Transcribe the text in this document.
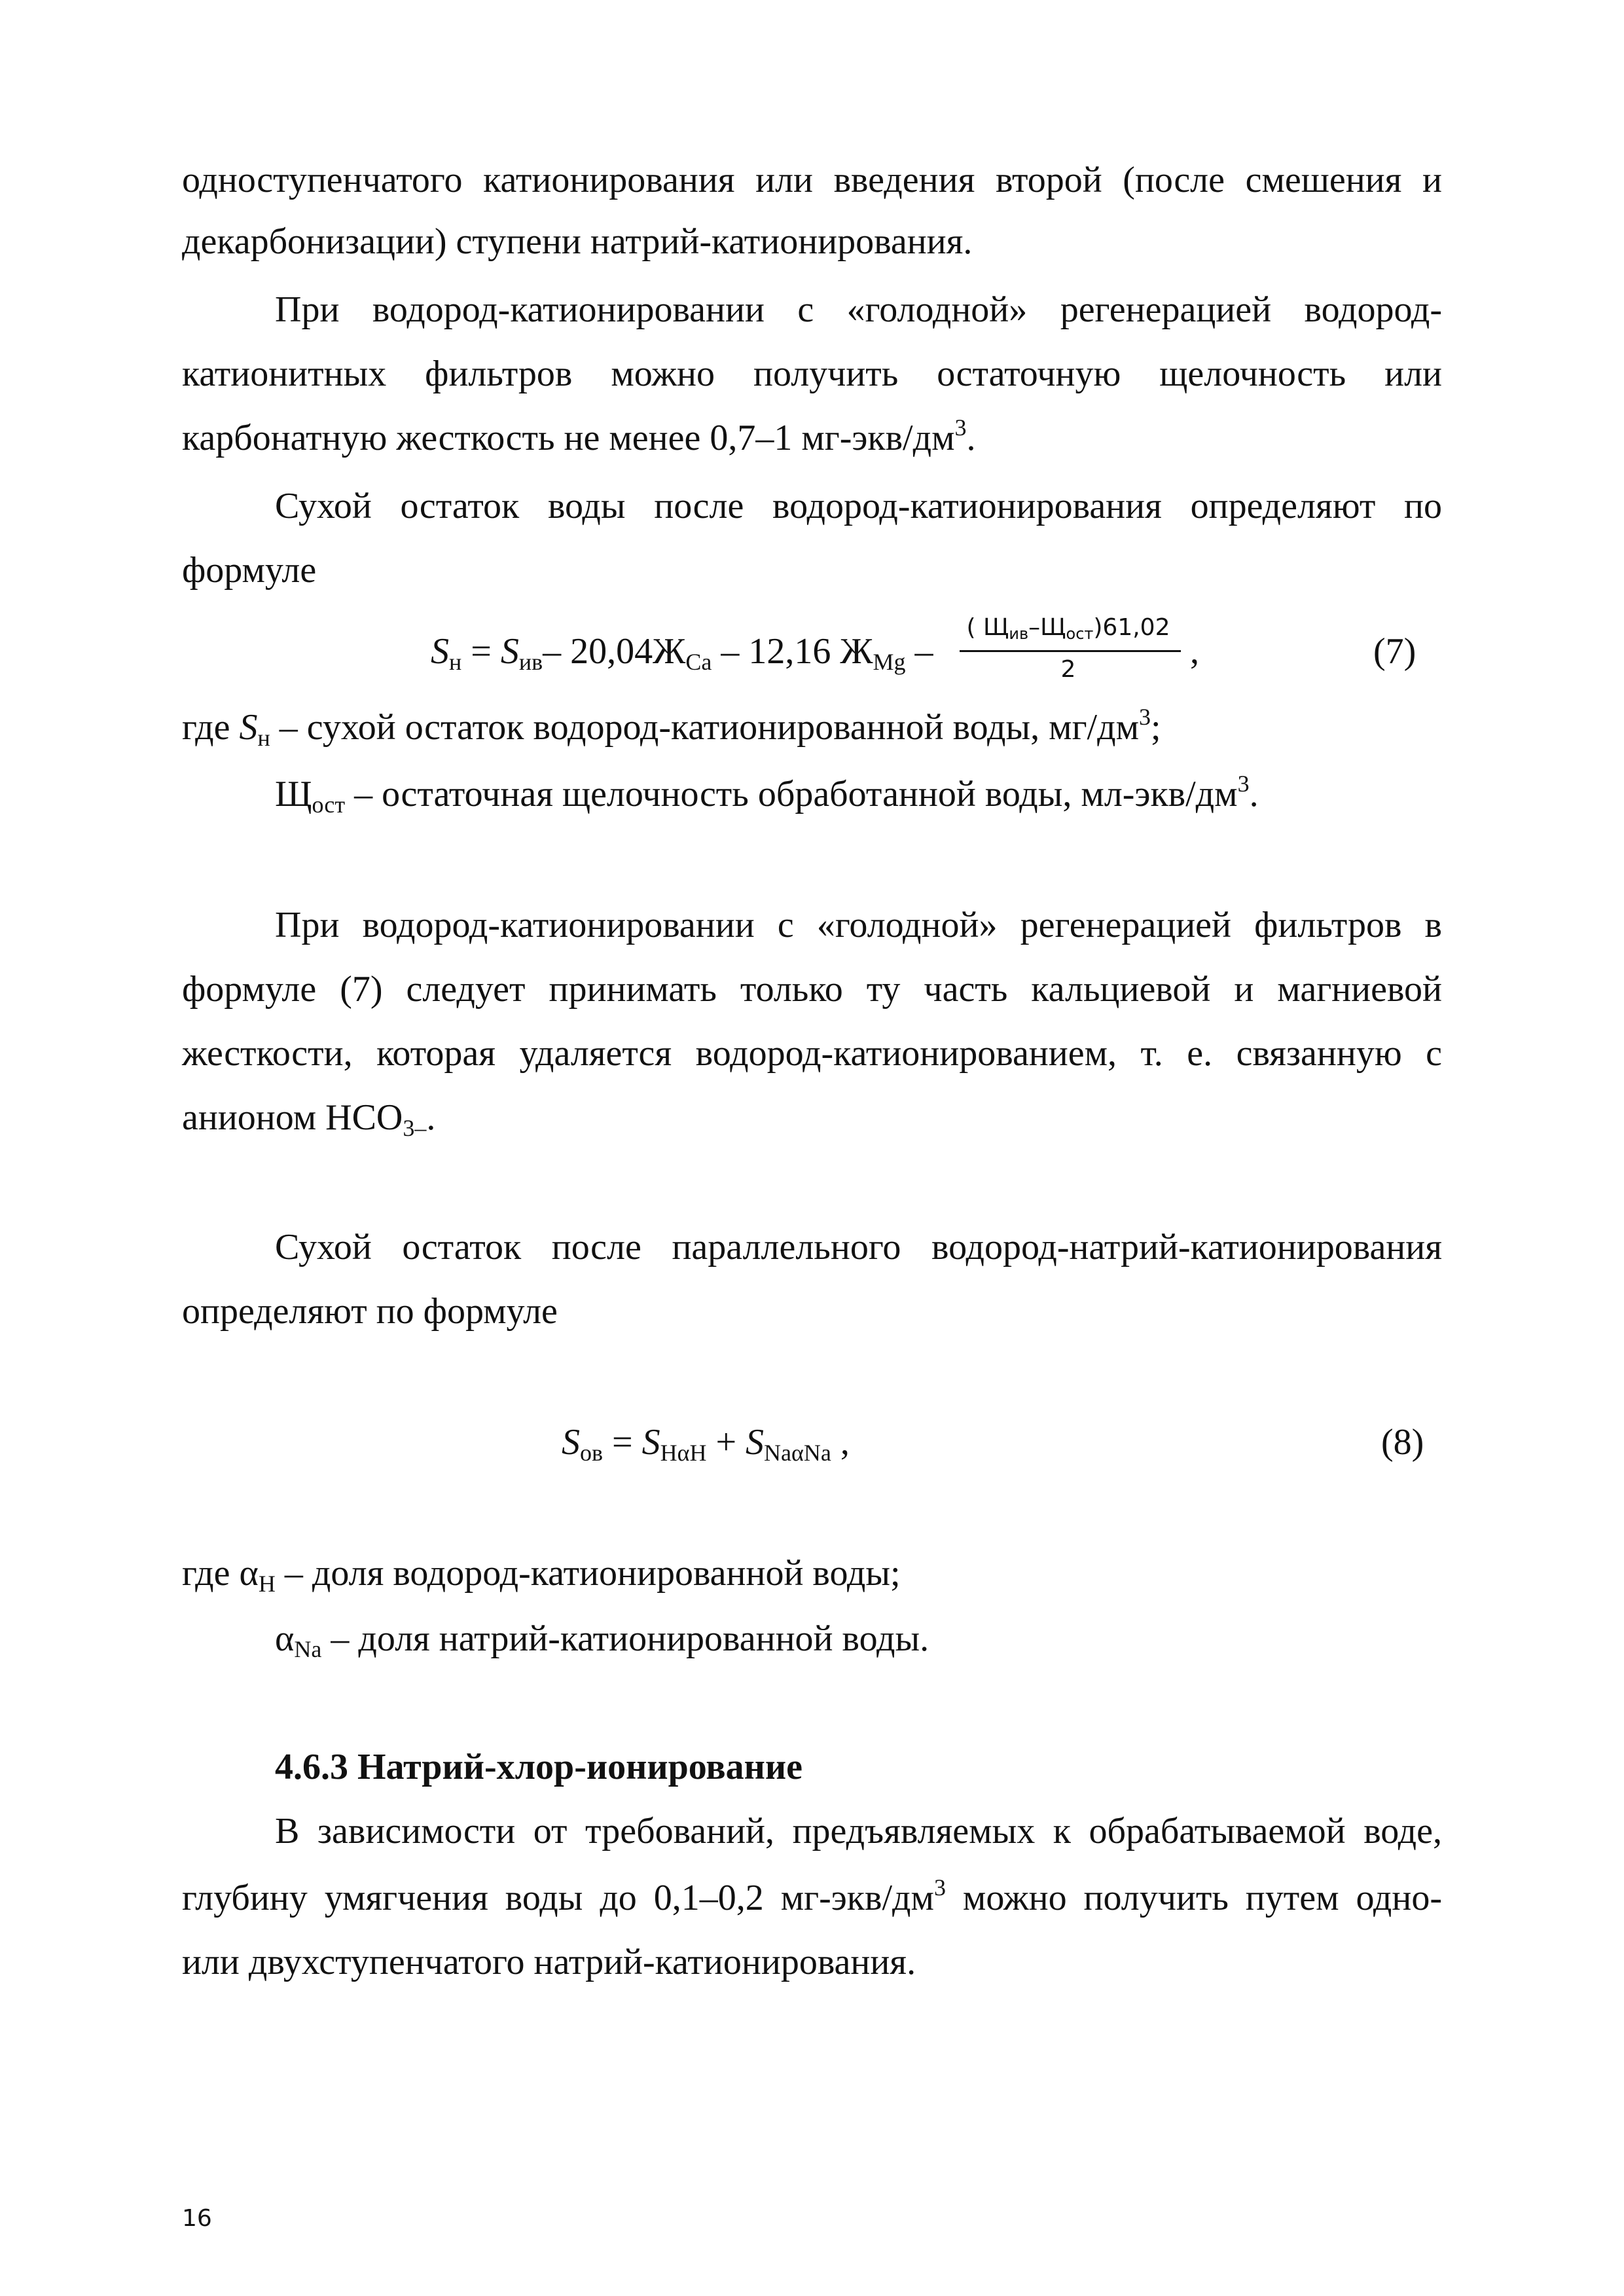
одноступенчатого катионирования или введения второй (после смешения и
декарбонизации) ступени натрий-катионирования.
При водород-катионировании с «голодной» регенерацией водород-
катионитных фильтров можно получить остаточную щелочность или
карбонатную жесткость не менее 0,7–1 $мг-экв/дм^3$.
Сухой остаток воды после водород-катионирования определяют по
формуле
$S_н = S_{ив}-$ $20,04Ж_{Ca} - 12,16$ $Ж_{Mg}$ –
( $Щ_{ив}-Щ_{ост})61,02$
2	,	(7)
где $S_н$ – сухой остаток водород-катионированной воды, $мг/дм^3$;
$Щ_{ост}$ – остаточная щелочность обработанной воды, $мл-экв/дм^3$.
При водород-катионировании с «голодной» регенерацией фильтров в
формуле (7) следует принимать только ту часть кальциевой и магниевой
жесткости, которая удаляется водород-катионированием, т. е. связанную с
анионом $HCO_{3-}$.
Сухой остаток после параллельного водород-натрий-катионирования
определяют по формуле
$S_{ов} = S_{H\alpha H} + S_{Na\alpha Na}$ ,	(8)
где $\alpha_H$ – доля водород-катионированной воды;
$\alpha_{Na}$ – доля натрий-катионированной воды.
4.6.3 Натрий-хлор-ионирование
В зависимости от требований, предъявляемых к обрабатываемой воде,
глубину умягчения воды до 0,1–0,2 $мг-экв/дм^3$ можно получить путем одно-
или двухступенчатого натрий-катионирования.
16
